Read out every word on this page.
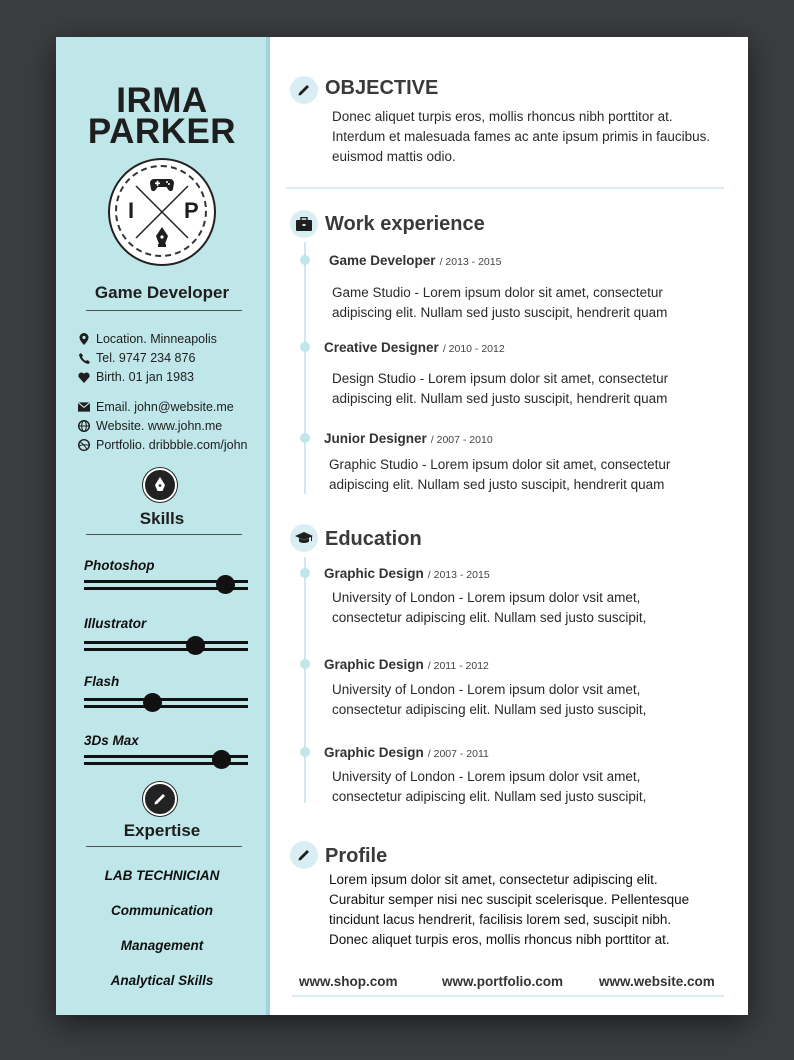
IRMA
PARKER
I P
Game Developer
Location. Minneapolis
Tel. 9747 234 876
Birth. 01 jan 1983
Email. john@website.me
Website. www.john.me
Portfolio. dribbble.com/john
Skills
Photoshop
Illustrator
Flash
3Ds Max
Expertise
LAB TECHNICIAN
Communication
Management
Analytical Skills
OBJECTIVE
Donec aliquet turpis eros, mollis rhoncus nibh porttitor at.
Interdum et malesuada fames ac ante ipsum primis in faucibus.
euismod mattis odio.
Work experience
Game Developer / 2013 - 2015
Game Studio - Lorem ipsum dolor sit amet, consectetur
adipiscing elit. Nullam sed justo suscipit, hendrerit quam
Creative Designer / 2010 - 2012
Design Studio - Lorem ipsum dolor sit amet, consectetur
adipiscing elit. Nullam sed justo suscipit, hendrerit quam
Junior Designer / 2007 - 2010
Graphic Studio - Lorem ipsum dolor sit amet, consectetur
adipiscing elit. Nullam sed justo suscipit, hendrerit quam
Education
Graphic Design / 2013 - 2015
University of London - Lorem ipsum dolor vsit amet,
consectetur adipiscing elit. Nullam sed justo suscipit,
Graphic Design / 2011 - 2012
University of London - Lorem ipsum dolor vsit amet,
consectetur adipiscing elit. Nullam sed justo suscipit,
Graphic Design / 2007 - 2011
University of London - Lorem ipsum dolor vsit amet,
consectetur adipiscing elit. Nullam sed justo suscipit,
Profile
Lorem ipsum dolor sit amet, consectetur adipiscing elit.
Curabitur semper nisi nec suscipit scelerisque. Pellentesque
tincidunt lacus hendrerit, facilisis lorem sed, suscipit nibh.
Donec aliquet turpis eros, mollis rhoncus nibh porttitor at.
www.shop.com	www.portfolio.com	www.website.com
